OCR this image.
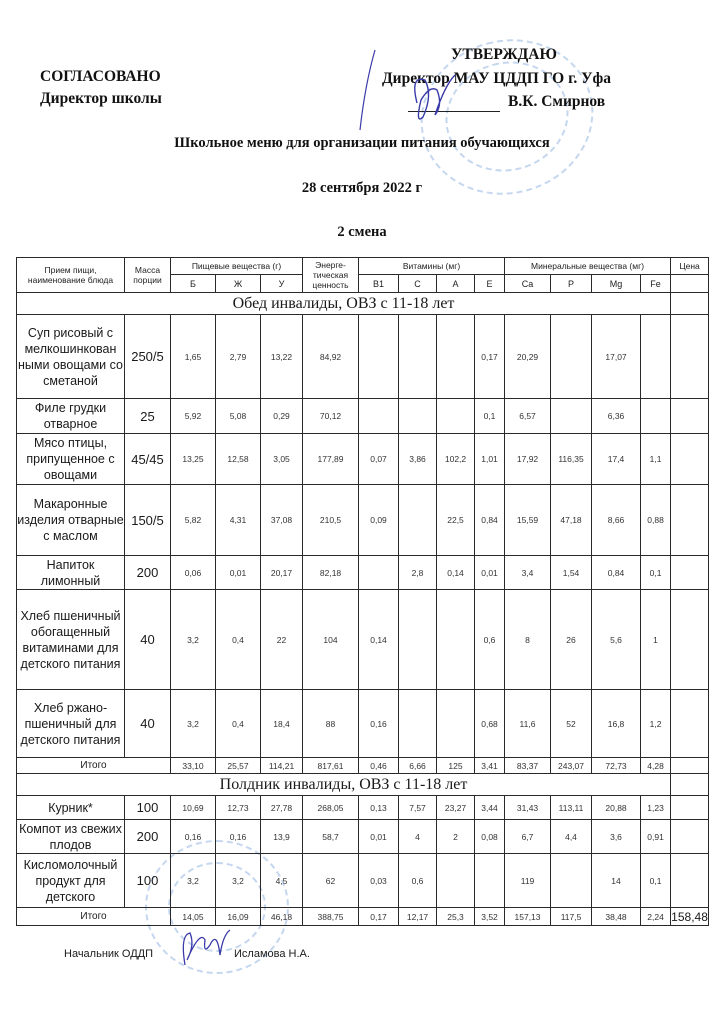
СОГЛАСОВАНО
Директор школы
УТВЕРЖДАЮ
Директор МАУ ЦДДП ГО г. Уфа
В.К. Смирнов
Школьное меню для организации питания обучающихся
28 сентября 2022 г
2 смена
Прием пищи, наименование блюда	Масса порции	Пищевые вещества (г)			Энерге-тическая ценность	Витамины (мг)				Минеральные вещества (мг)				Цена
		Б	Ж	У		B1	C	A	E	Ca	P	Mg	Fe	
Обед инвалиды, ОВЗ с 11-18 лет														
Суп рисовый с мелкошинкован ными овощами со сметаной	250/5	1,65	2,79	13,22	84,92				0,17	20,29		17,07		
Филе грудки отварное	25	5,92	5,08	0,29	70,12				0,1	6,57		6,36		
Мясо птицы, припущенное с овощами	45/45	13,25	12,58	3,05	177,89	0,07	3,86	102,2	1,01	17,92	116,35	17,4	1,1	
Макаронные изделия отварные с маслом	150/5	5,82	4,31	37,08	210,5	0,09		22,5	0,84	15,59	47,18	8,66	0,88	
Напиток лимонный	200	0,06	0,01	20,17	82,18		2,8	0,14	0,01	3,4	1,54	0,84	0,1	
Хлеб пшеничный обогащенный витаминами для детского питания	40	3,2	0,4	22	104	0,14			0,6	8	26	5,6	1	
Хлеб ржано-пшеничный для детского питания	40	3,2	0,4	18,4	88	0,16			0,68	11,6	52	16,8	1,2	
Итого		33,10	25,57	114,21	817,61	0,46	6,66	125	3,41	83,37	243,07	72,73	4,28	
Полдник инвалиды, ОВЗ с 11-18 лет														
Курник*	100	10,69	12,73	27,78	268,05	0,13	7,57	23,27	3,44	31,43	113,11	20,88	1,23	
Компот из свежих плодов	200	0,16	0,16	13,9	58,7	0,01	4	2	0,08	6,7	4,4	3,6	0,91	
Кисломолочный продукт для детского	100	3,2	3,2	4,5	62	0,03	0,6			119		14	0,1	
Итого		14,05	16,09	46,18	388,75	0,17	12,17	25,3	3,52	157,13	117,5	38,48	2,24	158,48
Начальник ОДДП	Исламова Н.А.
